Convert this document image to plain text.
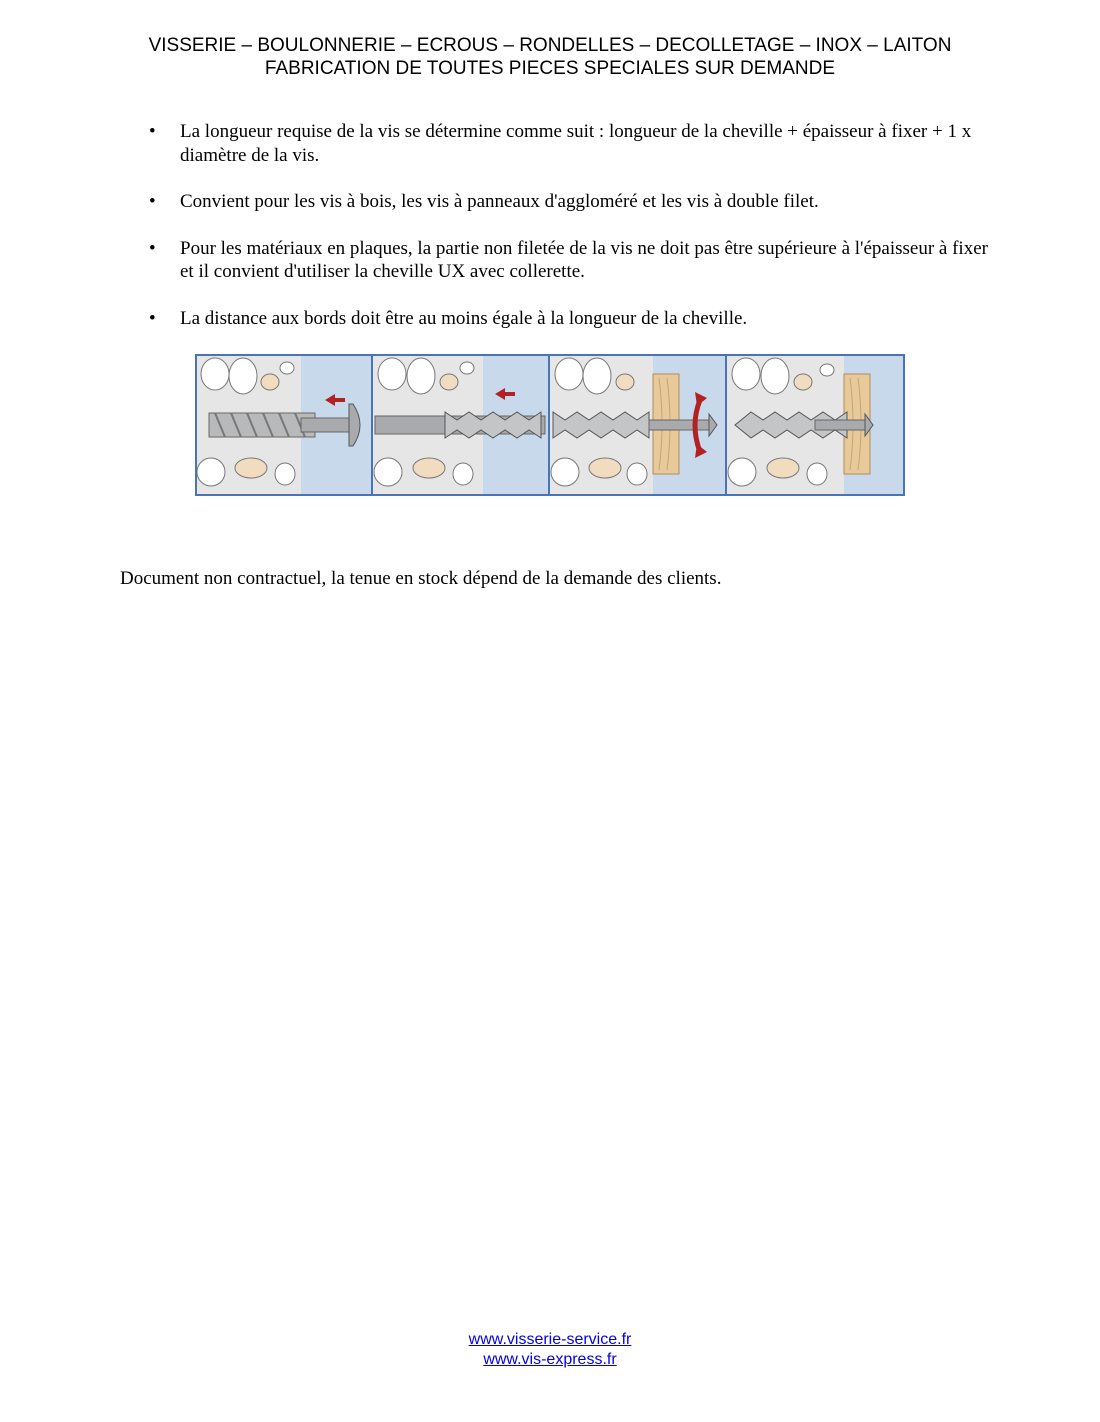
VISSERIE – BOULONNERIE – ECROUS – RONDELLES – DECOLLETAGE – INOX – LAITON
FABRICATION DE TOUTES PIECES SPECIALES SUR DEMANDE
• La longueur requise de la vis se détermine comme suit : longueur de la cheville + épaisseur à fixer + 1 x diamètre de la vis.
• Convient pour les vis à bois, les vis à panneaux d'aggloméré et les vis à double filet.
• Pour les matériaux en plaques, la partie non filetée de la vis ne doit pas être supérieure à l'épaisseur à fixer et il convient d'utiliser la cheville UX avec collerette.
• La distance aux bords doit être au moins égale à la longueur de la cheville.
Document non contractuel, la tenue en stock dépend de la demande des clients.
www.visserie-service.fr
www.vis-express.fr
